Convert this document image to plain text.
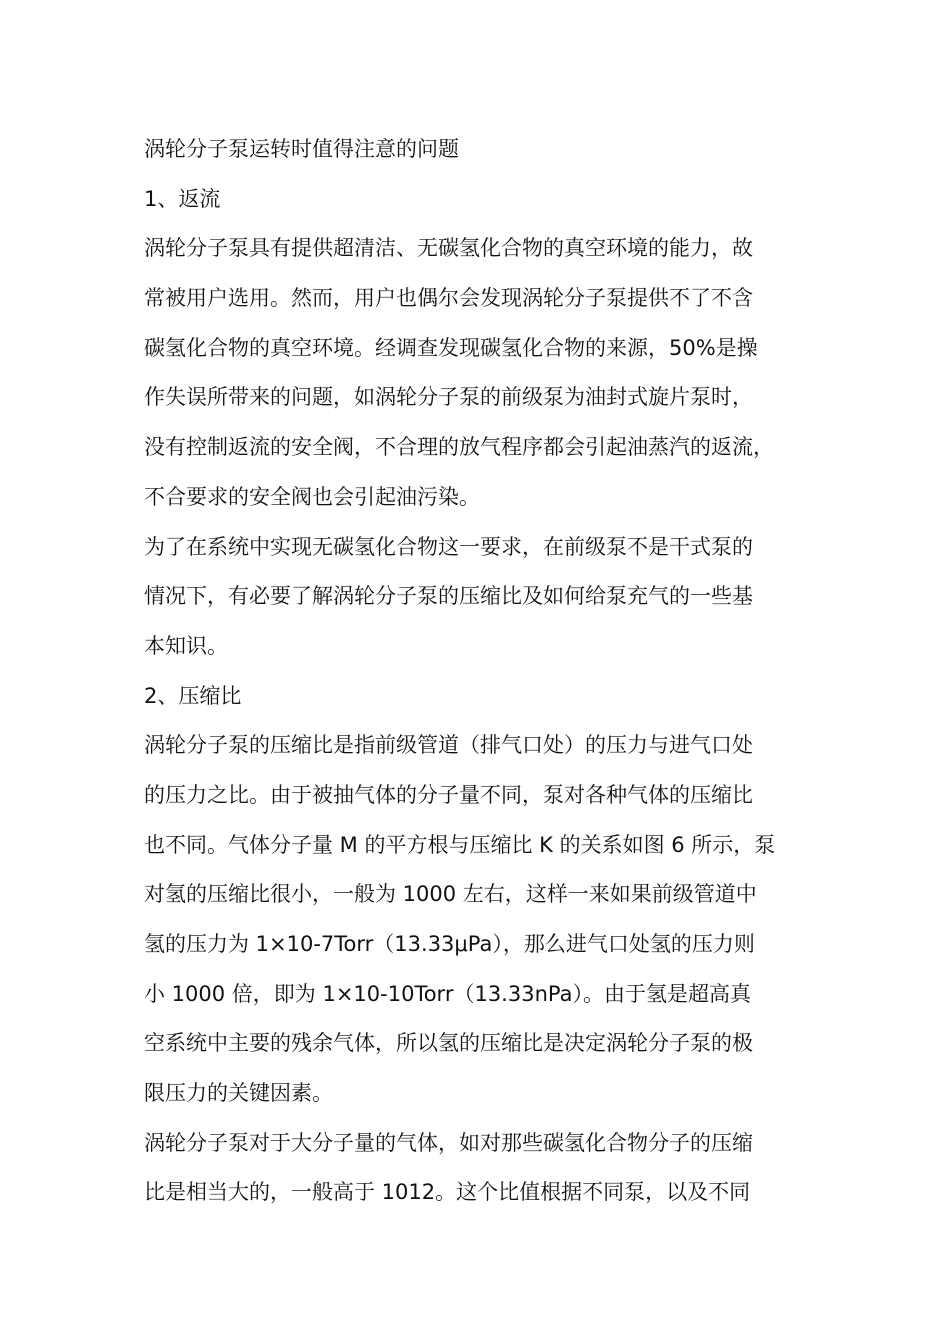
涡轮分子泵运转时值得注意的问题
1、返流
涡轮分子泵具有提供超清洁、无碳氢化合物的真空环境的能力，故
常被用户选用。然而，用户也偶尔会发现涡轮分子泵提供不了不含
碳氢化合物的真空环境。经调查发现碳氢化合物的来源，50%是操
作失误所带来的问题，如涡轮分子泵的前级泵为油封式旋片泵时，
没有控制返流的安全阀，不合理的放气程序都会引起油蒸汽的返流，
不合要求的安全阀也会引起油污染。
为了在系统中实现无碳氢化合物这一要求，在前级泵不是干式泵的
情况下，有必要了解涡轮分子泵的压缩比及如何给泵充气的一些基
本知识。
2、压缩比
涡轮分子泵的压缩比是指前级管道（排气口处）的压力与进气口处
的压力之比。由于被抽气体的分子量不同，泵对各种气体的压缩比
也不同。气体分子量 M 的平方根与压缩比 K 的关系如图 6 所示，泵
对氢的压缩比很小，一般为 1000 左右，这样一来如果前级管道中
氢的压力为 1×10-7Torr（13.33μPa），那么进气口处氢的压力则
小 1000 倍，即为 1×10-10Torr（13.33nPa）。由于氢是超高真
空系统中主要的残余气体，所以氢的压缩比是决定涡轮分子泵的极
限压力的关键因素。
涡轮分子泵对于大分子量的气体，如对那些碳氢化合物分子的压缩
比是相当大的，一般高于 1012。这个比值根据不同泵，以及不同
